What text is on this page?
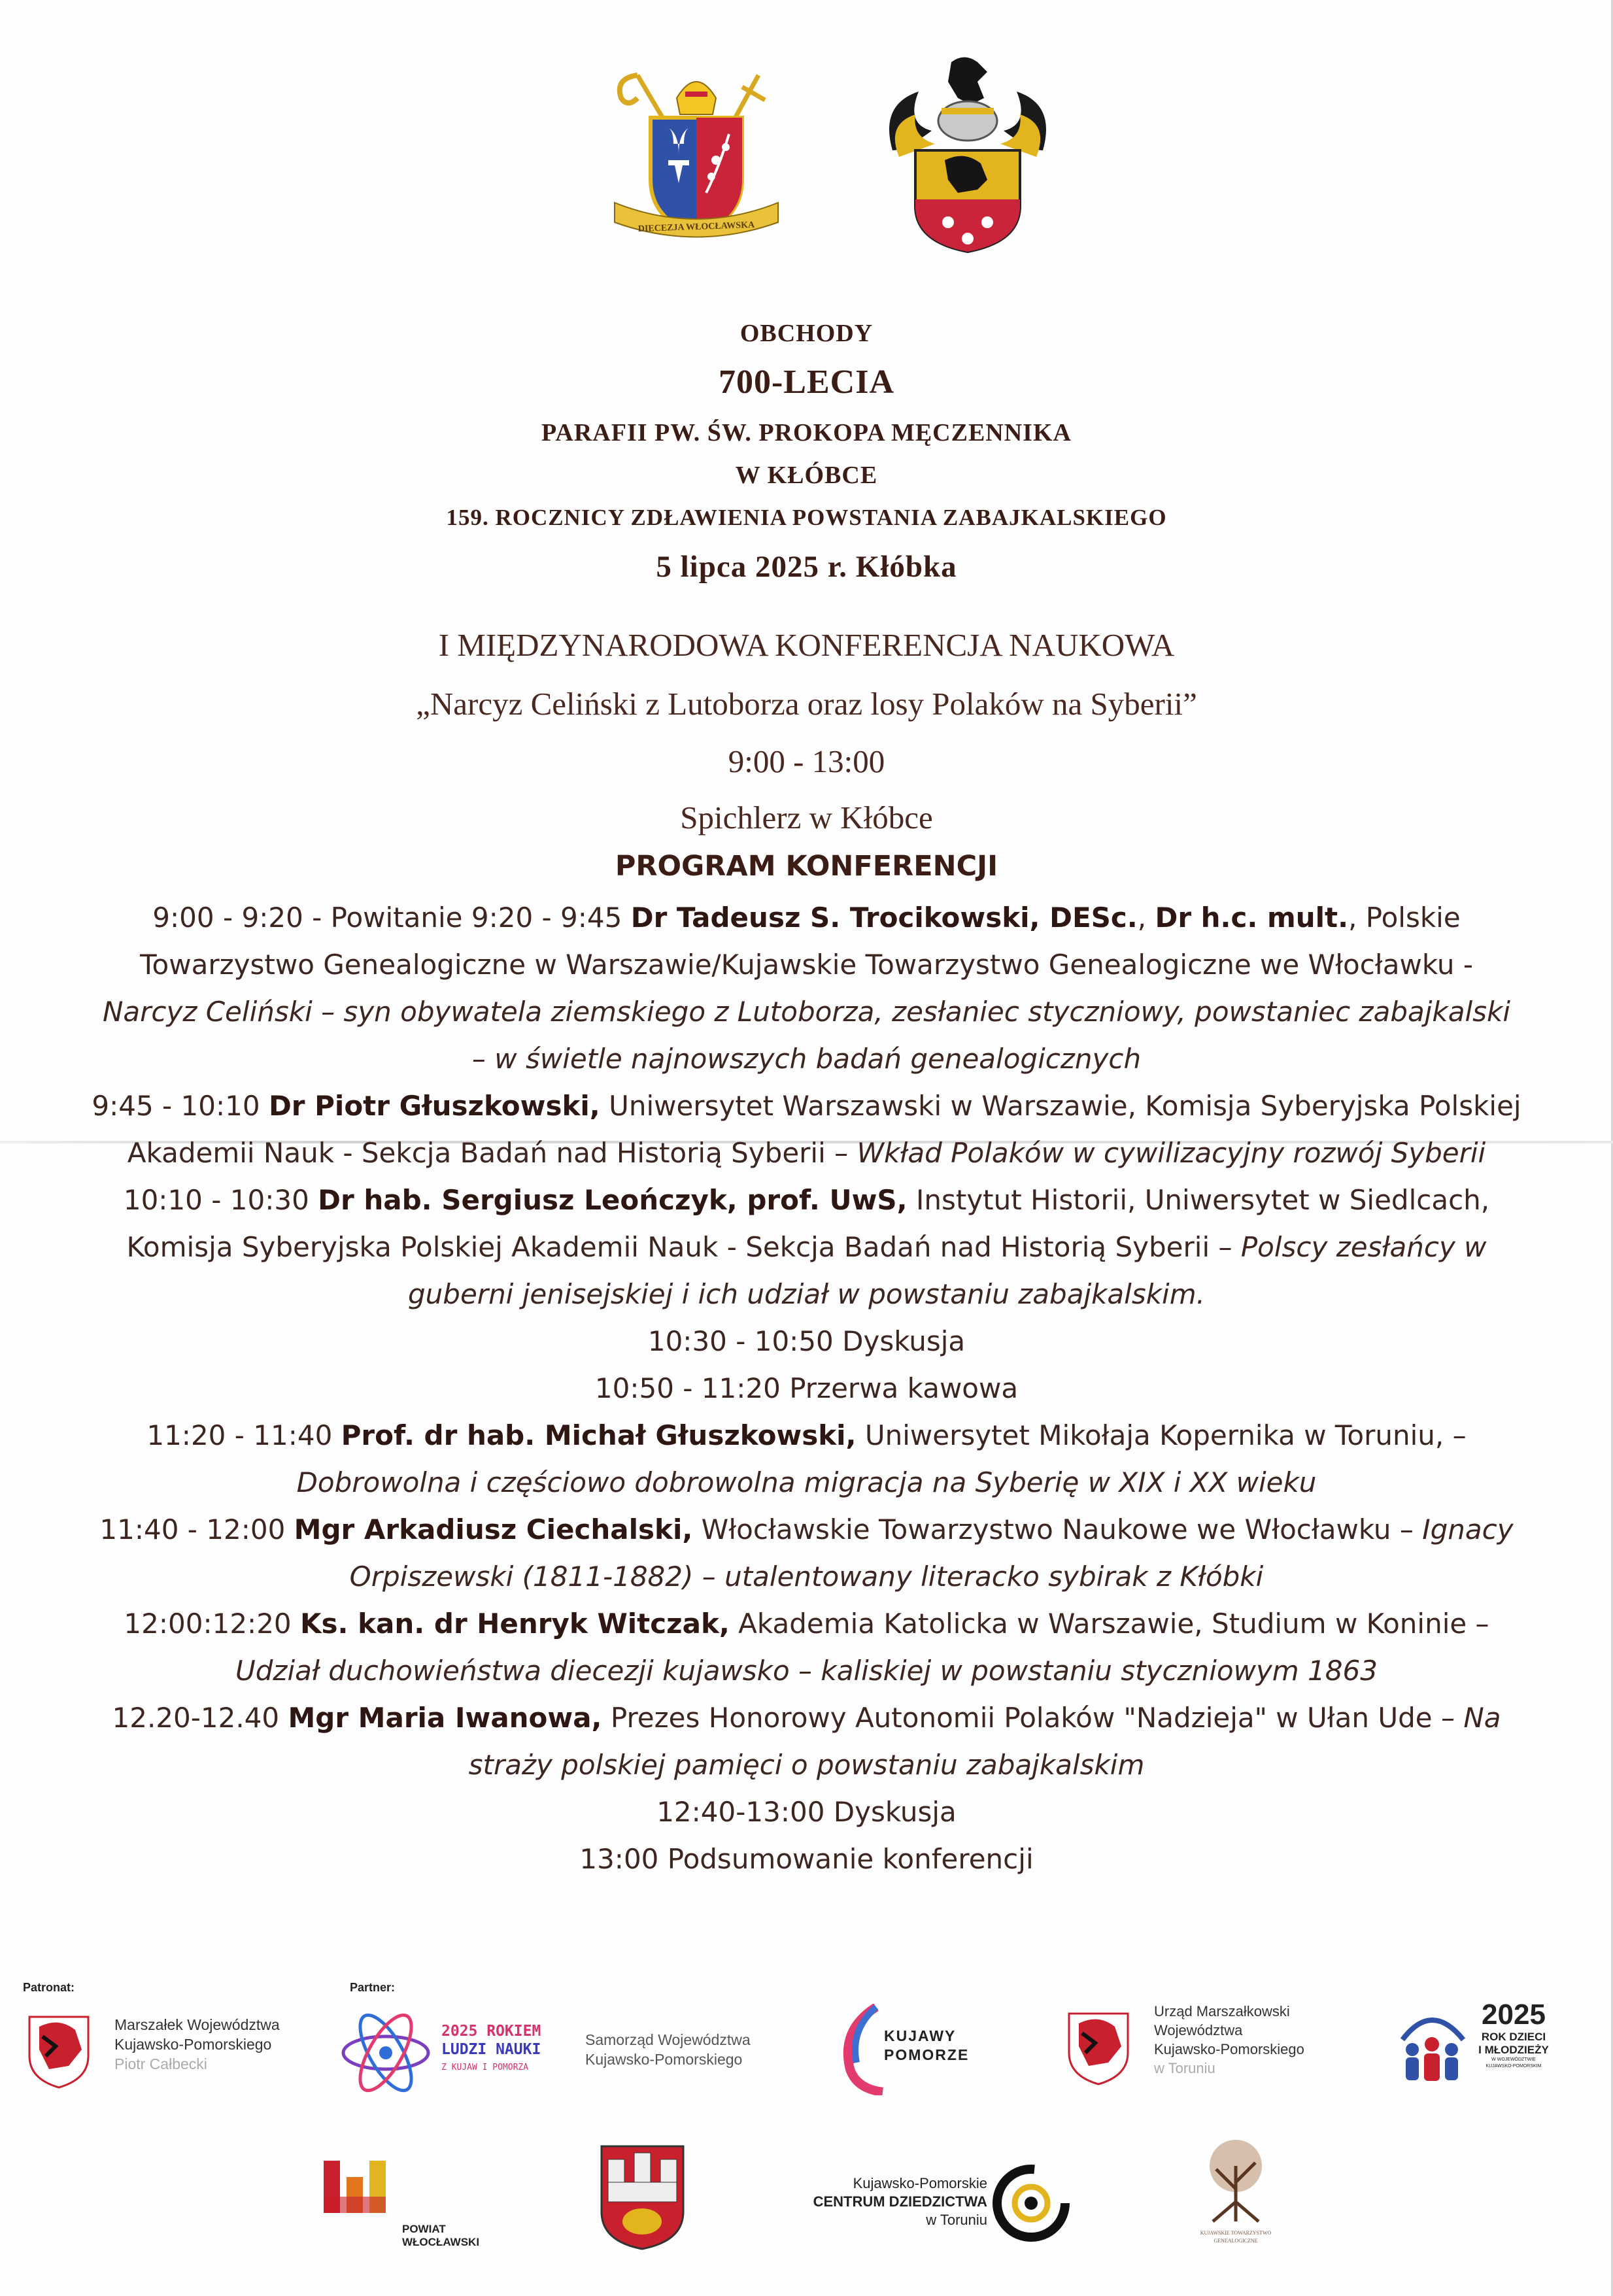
DIECEZJA WŁOCŁAWSKA
OBCHODY
700-LECIA
PARAFII PW. ŚW. PROKOPA MĘCZENNIKA
W KŁÓBCE
159. ROCZNICY ZDŁAWIENIA POWSTANIA ZABAJKALSKIEGO
5 lipca 2025 r. Kłóbka
I MIĘDZYNARODOWA KONFERENCJA NAUKOWA
„Narcyz Celiński z Lutoborza oraz losy Polaków na Syberii”
9:00 - 13:00
Spichlerz w Kłóbce
PROGRAM KONFERENCJI

9:00 - 9:20 - Powitanie 9:20 - 9:45 Dr Tadeusz S. Trocikowski, DESc., Dr h.c. mult., Polskie Towarzystwo Genealogiczne w Warszawie/Kujawskie Towarzystwo Genealogiczne we Włocławku - Narcyz Celiński – syn obywatela ziemskiego z Lutoborza, zesłaniec styczniowy, powstaniec zabajkalski – w świetle najnowszych badań genealogicznych

9:45 - 10:10 Dr Piotr Głuszkowski, Uniwersytet Warszawski w Warszawie, Komisja Syberyjska Polskiej Akademii Nauk - Sekcja Badań nad Historią Syberii – Wkład Polaków w cywilizacyjny rozwój Syberii

10:10 - 10:30 Dr hab. Sergiusz Leończyk, prof. UwS, Instytut Historii, Uniwersytet w Siedlcach, Komisja Syberyjska Polskiej Akademii Nauk - Sekcja Badań nad Historią Syberii – Polscy zesłańcy w guberni jenisejskiej i ich udział w powstaniu zabajkalskim.

10:30 - 10:50 Dyskusja

10:50 - 11:20 Przerwa kawowa

11:20 - 11:40 Prof. dr hab. Michał Głuszkowski, Uniwersytet Mikołaja Kopernika w Toruniu, – Dobrowolna i częściowo dobrowolna migracja na Syberię w XIX i XX wieku

11:40 - 12:00 Mgr Arkadiusz Ciechalski, Włocławskie Towarzystwo Naukowe we Włocławku – Ignacy Orpiszewski (1811-1882) – utalentowany literacko sybirak z Kłóbki

12:00:12:20 Ks. kan. dr Henryk Witczak, Akademia Katolicka w Warszawie, Studium w Koninie – Udział duchowieństwa diecezji kujawsko – kaliskiej w powstaniu styczniowym 1863

12.20-12.40 Mgr Maria Iwanowa, Prezes Honorowy Autonomii Polaków "Nadzieja" w Ułan Ude – Na straży polskiej pamięci o powstaniu zabajkalskim

12:40-13:00 Dyskusja

13:00 Podsumowanie konferencji

Patronat:	Partner:
Marszałek Województwa
Kujawsko-Pomorskiego
Piotr Całbecki
2025 ROKIEM
LUDZI NAUKI
Z KUJAW I POMORZA
Samorząd Województwa
Kujawsko-Pomorskiego
KUJAWY
POMORZE
Urząd Marszałkowski
Województwa
Kujawsko-Pomorskiego
w Toruniu
2025
ROK DZIECI
I MŁODZIEŻY
W WOJEWÓDZTWIE
KUJAWSKO-POMORSKIM
POWIAT
WŁOCŁAWSKI
Kujawsko-Pomorskie
CENTRUM DZIEDZICTWA
w Toruniu
KUJAWSKIE TOWARZYSTWO
GENEALOGICZNE
